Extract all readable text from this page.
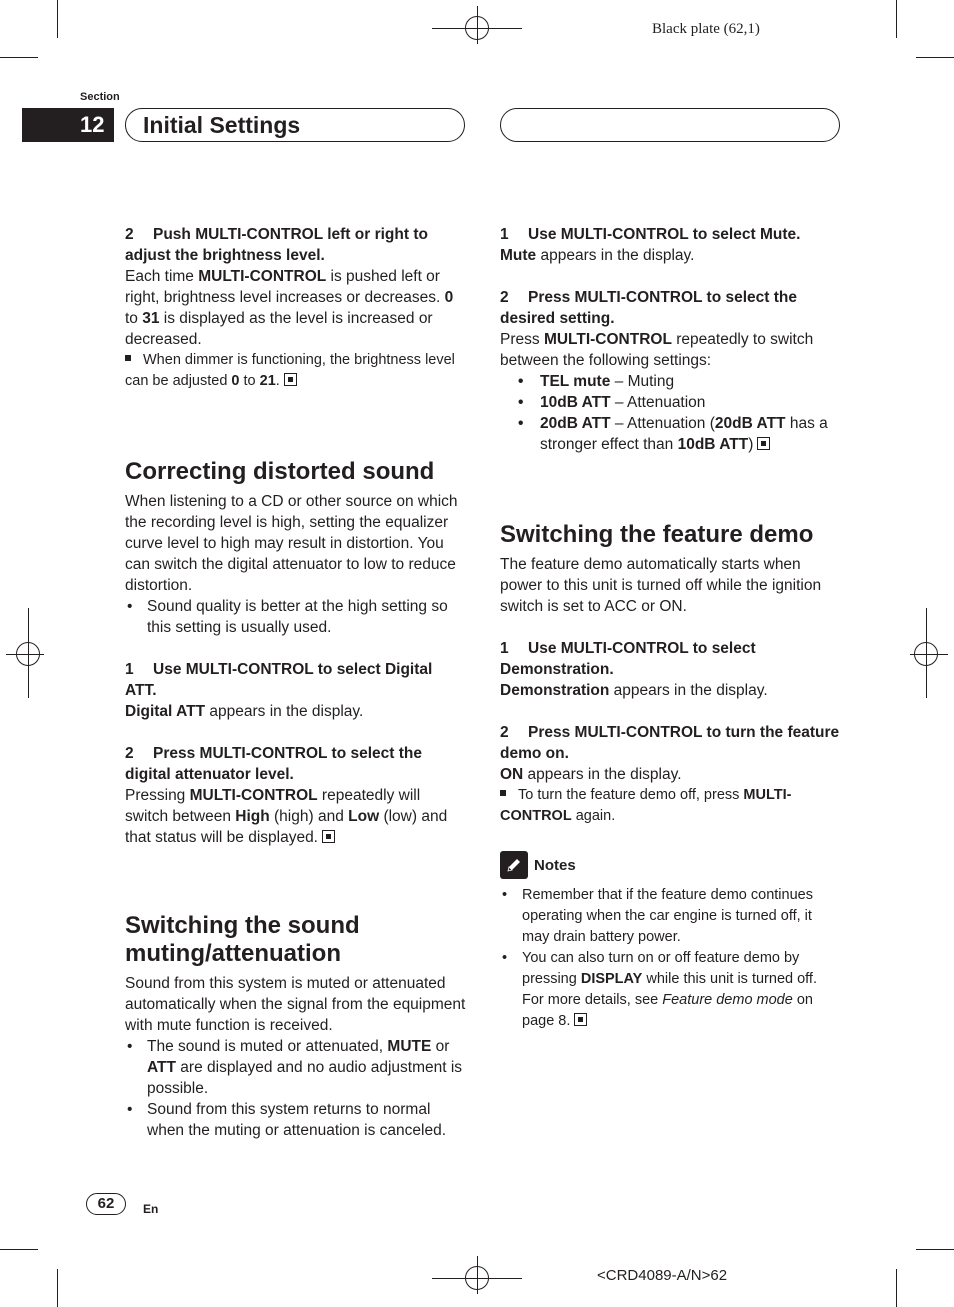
Black plate (62,1)
Section
12	Initial Settings

2 Push MULTI-CONTROL left or right to adjust the brightness level.

Each time MULTI-CONTROL is pushed left or right, brightness level increases or decreases. 0 to 31 is displayed as the level is increased or decreased.

When dimmer is functioning, the brightness level can be adjusted 0 to 21.

Correcting distorted sound

When listening to a CD or other source on which the recording level is high, setting the equalizer curve level to high may result in distortion. You can switch the digital attenuator to low to reduce distortion.

• Sound quality is better at the high setting so this setting is usually used.

1 Use MULTI-CONTROL to select Digital ATT.

Digital ATT appears in the display.

2 Press MULTI-CONTROL to select the digital attenuator level.

Pressing MULTI-CONTROL repeatedly will switch between High (high) and Low (low) and that status will be displayed.

Switching the sound muting/attenuation

Sound from this system is muted or attenuated automatically when the signal from the equipment with mute function is received.

• The sound is muted or attenuated, MUTE or ATT are displayed and no audio adjustment is possible.
• Sound from this system returns to normal when the muting or attenuation is canceled.

1 Use MULTI-CONTROL to select Mute.

Mute appears in the display.

2 Press MULTI-CONTROL to select the desired setting.

Press MULTI-CONTROL repeatedly to switch between the following settings:

• TEL mute – Muting
• 10dB ATT – Attenuation
• 20dB ATT – Attenuation (20dB ATT has a stronger effect than 10dB ATT)
Switching the feature demo

The feature demo automatically starts when power to this unit is turned off while the ignition switch is set to ACC or ON.

1 Use MULTI-CONTROL to select Demonstration.

Demonstration appears in the display.

2 Press MULTI-CONTROL to turn the feature demo on.

ON appears in the display.

To turn the feature demo off, press MULTI-CONTROL again.

Notes
• Remember that if the feature demo continues operating when the car engine is turned off, it may drain battery power.
• You can also turn on or off feature demo by pressing DISPLAY while this unit is turned off. For more details, see Feature demo mode on page 8.
62	En
<CRD4089-A/N>62
